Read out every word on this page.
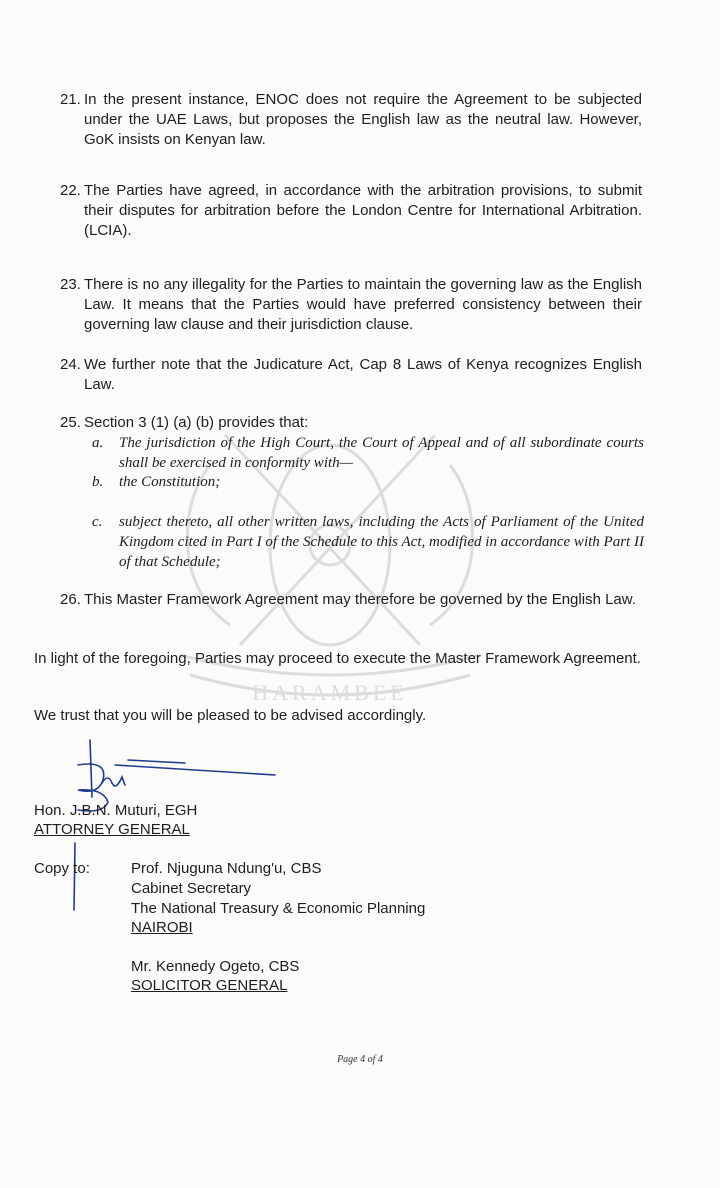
HARAMBEE
21. In the present instance, ENOC does not require the Agreement to be subjected under the UAE Laws, but proposes the English law as the neutral law. However, GoK insists on Kenyan law.
22. The Parties have agreed, in accordance with the arbitration provisions, to submit their disputes for arbitration before the London Centre for International Arbitration. (LCIA).
23. There is no any illegality for the Parties to maintain the governing law as the English Law. It means that the Parties would have preferred consistency between their governing law clause and their jurisdiction clause.
24. We further note that the Judicature Act, Cap 8 Laws of Kenya recognizes English Law.
25. Section 3 (1) (a) (b) provides that:
a. The jurisdiction of the High Court, the Court of Appeal and of all subordinate courts shall be exercised in conformity with—
b. the Constitution;
c. subject thereto, all other written laws, including the Acts of Parliament of the United Kingdom cited in Part I of the Schedule to this Act, modified in accordance with Part II of that Schedule;
26. This Master Framework Agreement may therefore be governed by the English Law.
In light of the foregoing, Parties may proceed to execute the Master Framework Agreement.
We trust that you will be pleased to be advised accordingly.
Hon. J.B.N. Muturi, EGH
ATTORNEY GENERAL
Copy to:	Prof. Njuguna Ndung'u, CBS
Cabinet Secretary
The National Treasury & Economic Planning
NAIROBI
Mr. Kennedy Ogeto, CBS
SOLICITOR GENERAL
Page 4 of 4
